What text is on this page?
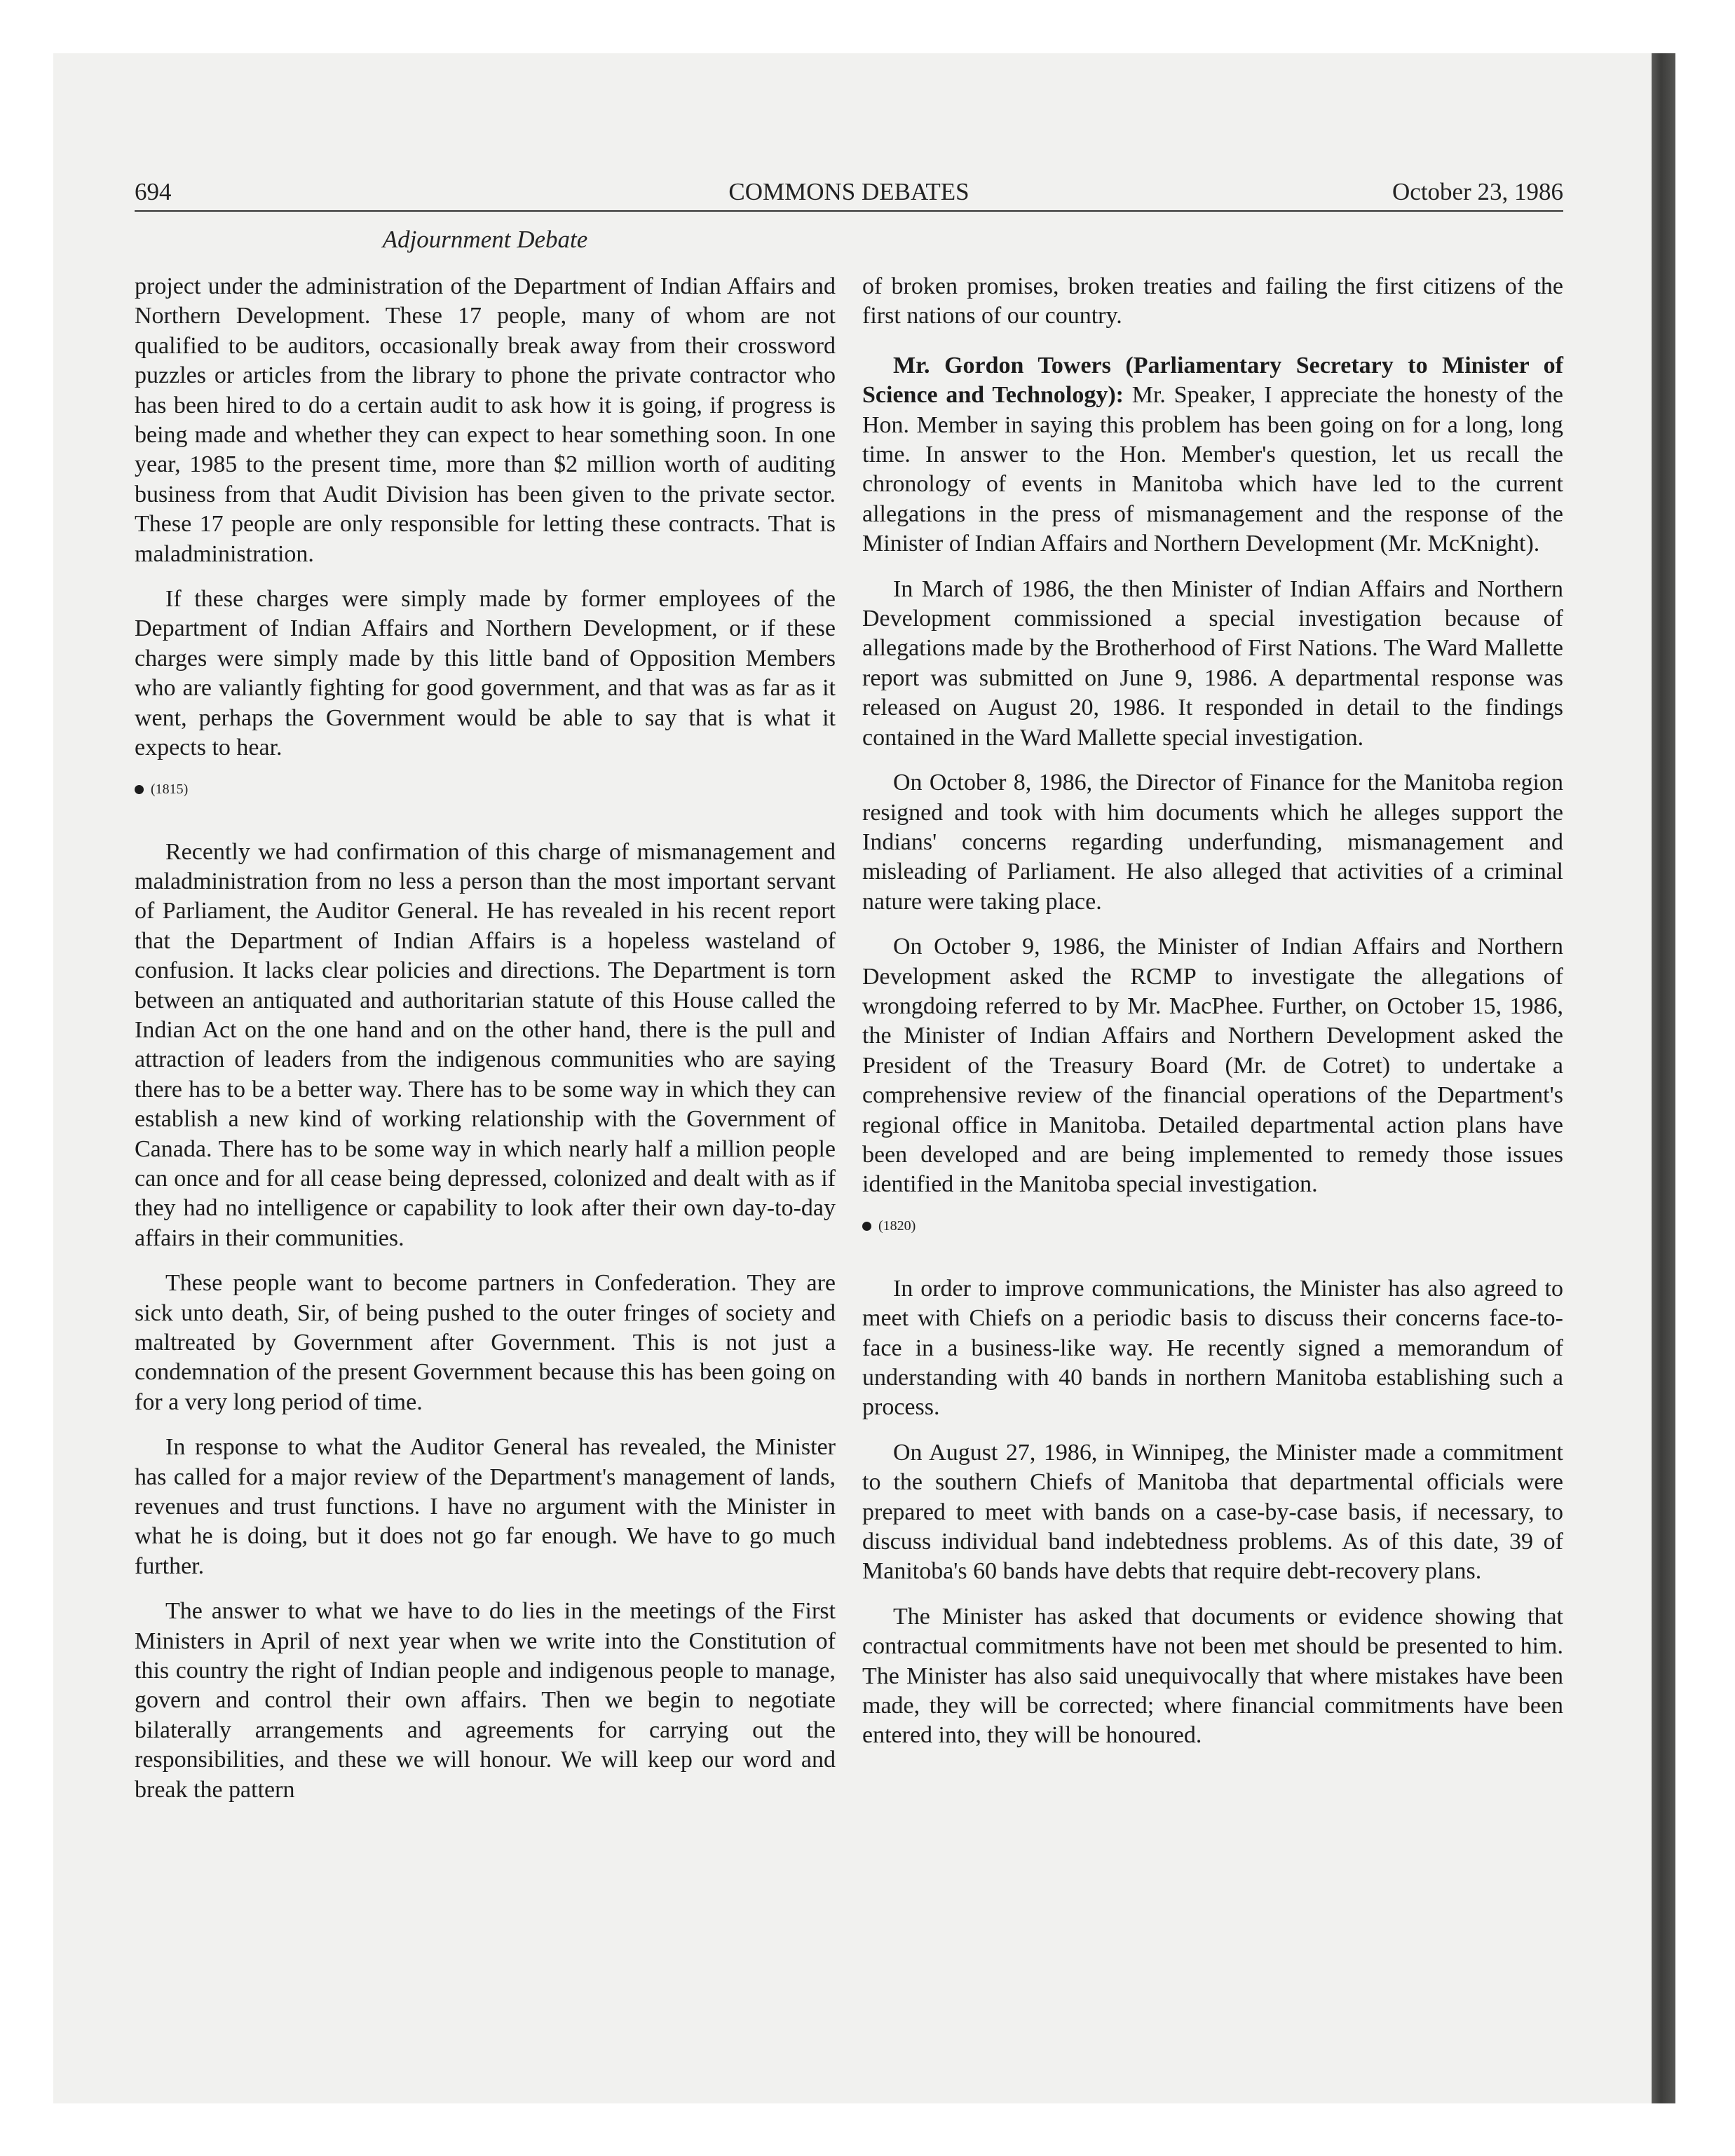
694	COMMONS DEBATES	October 23, 1986
Adjournment Debate

project under the administration of the Department of Indian Affairs and Northern Development. These 17 people, many of whom are not qualified to be auditors, occasionally break away from their crossword puzzles or articles from the library to phone the private contractor who has been hired to do a certain audit to ask how it is going, if progress is being made and whether they can expect to hear something soon. In one year, 1985 to the present time, more than $2 million worth of auditing business from that Audit Division has been given to the private sector. These 17 people are only responsible for letting these contracts. That is maladministration.

If these charges were simply made by former employees of the Department of Indian Affairs and Northern Development, or if these charges were simply made by this little band of Opposition Members who are valiantly fighting for good government, and that was as far as it went, perhaps the Government would be able to say that is what it expects to hear.

(1815)

Recently we had confirmation of this charge of mismanagement and maladministration from no less a person than the most important servant of Parliament, the Auditor General. He has revealed in his recent report that the Department of Indian Affairs is a hopeless wasteland of confusion. It lacks clear policies and directions. The Department is torn between an antiquated and authoritarian statute of this House called the Indian Act on the one hand and on the other hand, there is the pull and attraction of leaders from the indigenous communities who are saying there has to be a better way. There has to be some way in which they can establish a new kind of working relationship with the Government of Canada. There has to be some way in which nearly half a million people can once and for all cease being depressed, colonized and dealt with as if they had no intelligence or capability to look after their own day-to-day affairs in their communities.

These people want to become partners in Confederation. They are sick unto death, Sir, of being pushed to the outer fringes of society and maltreated by Government after Government. This is not just a condemnation of the present Government because this has been going on for a very long period of time.

In response to what the Auditor General has revealed, the Minister has called for a major review of the Department's management of lands, revenues and trust functions. I have no argument with the Minister in what he is doing, but it does not go far enough. We have to go much further.

The answer to what we have to do lies in the meetings of the First Ministers in April of next year when we write into the Constitution of this country the right of Indian people and indigenous people to manage, govern and control their own affairs. Then we begin to negotiate bilaterally arrangements and agreements for carrying out the responsibilities, and these we will honour. We will keep our word and break the pattern

of broken promises, broken treaties and failing the first citizens of the first nations of our country.

Mr. Gordon Towers (Parliamentary Secretary to Minister of Science and Technology): Mr. Speaker, I appreciate the honesty of the Hon. Member in saying this problem has been going on for a long, long time. In answer to the Hon. Member's question, let us recall the chronology of events in Manitoba which have led to the current allegations in the press of mismanagement and the response of the Minister of Indian Affairs and Northern Development (Mr. McKnight).

In March of 1986, the then Minister of Indian Affairs and Northern Development commissioned a special investigation because of allegations made by the Brotherhood of First Nations. The Ward Mallette report was submitted on June 9, 1986. A departmental response was released on August 20, 1986. It responded in detail to the findings contained in the Ward Mallette special investigation.

On October 8, 1986, the Director of Finance for the Manitoba region resigned and took with him documents which he alleges support the Indians' concerns regarding underfunding, mismanagement and misleading of Parliament. He also alleged that activities of a criminal nature were taking place.

On October 9, 1986, the Minister of Indian Affairs and Northern Development asked the RCMP to investigate the allegations of wrongdoing referred to by Mr. MacPhee. Further, on October 15, 1986, the Minister of Indian Affairs and Northern Development asked the President of the Treasury Board (Mr. de Cotret) to undertake a comprehensive review of the financial operations of the Department's regional office in Manitoba. Detailed departmental action plans have been developed and are being implemented to remedy those issues identified in the Manitoba special investigation.

(1820)

In order to improve communications, the Minister has also agreed to meet with Chiefs on a periodic basis to discuss their concerns face-to-face in a business-like way. He recently signed a memorandum of understanding with 40 bands in northern Manitoba establishing such a process.

On August 27, 1986, in Winnipeg, the Minister made a commitment to the southern Chiefs of Manitoba that departmental officials were prepared to meet with bands on a case-by-case basis, if necessary, to discuss individual band indebtedness problems. As of this date, 39 of Manitoba's 60 bands have debts that require debt-recovery plans.

The Minister has asked that documents or evidence showing that contractual commitments have not been met should be presented to him. The Minister has also said unequivocally that where mistakes have been made, they will be corrected; where financial commitments have been entered into, they will be honoured.
